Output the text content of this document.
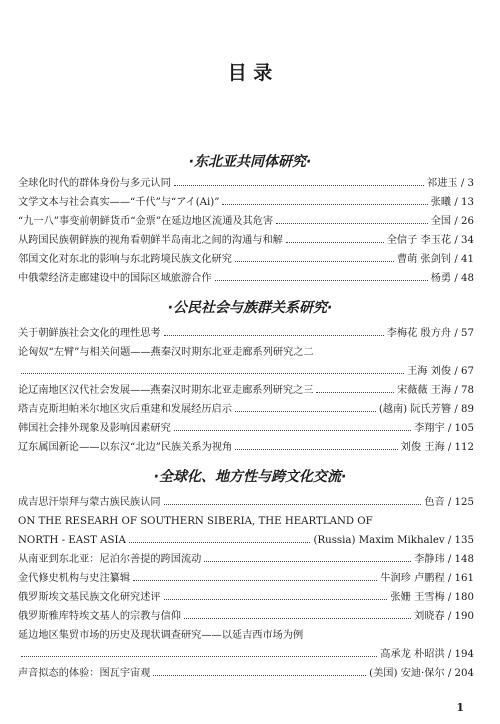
目 录
·东北亚共同体研究·
全球化时代的群体身份与多元认同	祁进玉 / 3
文学文本与社会真实——“千代”与“アイ(Ai)”	张曦 / 13
“九一八”事变前朝鲜货币“金票”在延边地区流通及其危害	全国 / 26
从跨国民族朝鲜族的视角看朝鲜半岛南北之间的沟通与和解	全信子 李玉花 / 34
邻国文化对东北的影响与东北跨境民族文化研究	曹萌 张剑钊 / 41
中俄蒙经济走廊建设中的国际区域旅游合作	杨勇 / 48
·公民社会与族群关系研究·
关于朝鲜族社会文化的理性思考	李梅花 殷方舟 / 57
论匈奴“左臂”与相关问题——燕秦汉时期东北亚走廊系列研究之二
王海 刘俊 / 67
论辽南地区汉代社会发展——燕秦汉时期东北亚走廊系列研究之三	宋薇薇 王海 / 78
塔吉克斯坦帕米尔地区灾后重建和发展经历启示	(越南) 阮氏芳簪 / 89
韩国社会排外现象及影响因素研究	李翔宇 / 105
辽东属国新论——以东汉“北边”民族关系为视角	刘俊 王海 / 112
·全球化、地方性与跨文化交流·
成吉思汗崇拜与蒙古族民族认同	色音 / 125
ON THE RESEARH OF SOUTHERN SIBERIA, THE HEARTLAND OF
NORTH - EAST ASIA	(Russia) Maxim Mikhalev / 135
从南亚到东北亚：尼泊尔善提的跨国流动	李静玮 / 148
金代修史机构与史注纂辑	牛润珍 卢鹏程 / 161
俄罗斯埃文基民族文化研究述评	张姗 王雪梅 / 180
俄罗斯雅库特埃文基人的宗教与信仰	刘晓春 / 190
延边地区集贸市场的历史及现状调查研究——以延吉西市场为例
高承龙 朴昭洪 / 194
声音拟态的体验：图瓦宇宙观	(美国) 安迪·保尔 / 204
1
